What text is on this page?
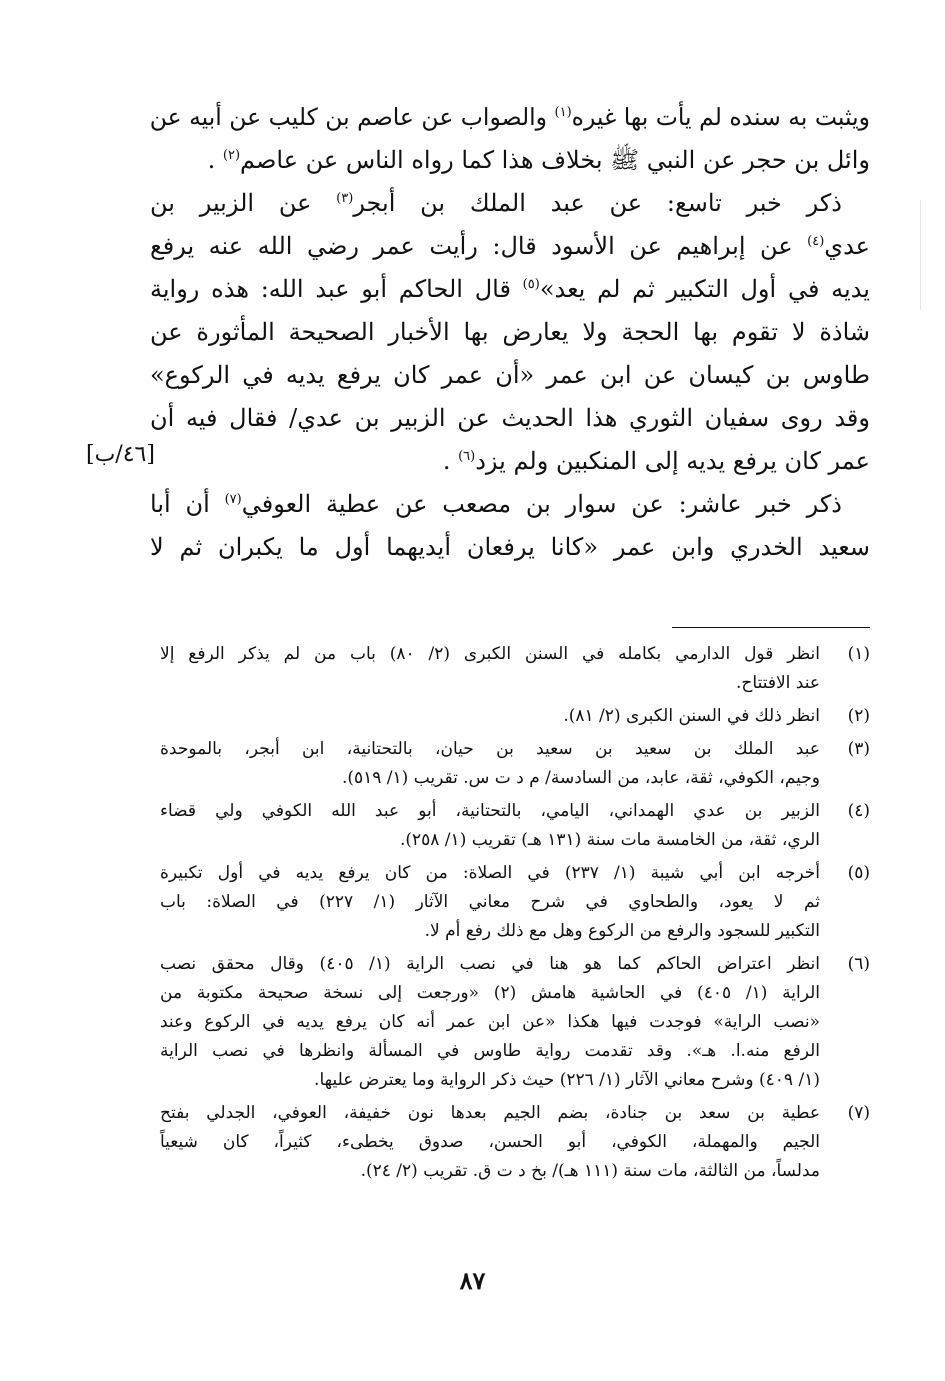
ويثبت به سنده لم يأت بها غيره$^{(١)}$ والصواب عن عاصم بن كليب عن أبيه عن
وائل بن حجر عن النبي ﷺ بخلاف هذا كما رواه الناس عن عاصم$^{(٢)}$ .
ذكر خبر تاسع: عن عبد الملك بن أبجر$^{(٣)}$ عن الزبير بن
عدي$^{(٤)}$ عن إبراهيم عن الأسود قال: رأيت عمر رضي الله عنه يرفع
يديه في أول التكبير ثم لم يعد»$^{(٥)}$ قال الحاكم أبو عبد الله: هذه رواية
شاذة لا تقوم بها الحجة ولا يعارض بها الأخبار الصحيحة المأثورة عن
طاوس بن كيسان عن ابن عمر «أن عمر كان يرفع يديه في الركوع»
وقد روى سفيان الثوري هذا الحديث عن الزبير بن عدي/ فقال فيه أن
عمر كان يرفع يديه إلى المنكبين ولم يزد$^{(٦)}$ .
ذكر خبر عاشر: عن سوار بن مصعب عن عطية العوفي$^{(٧)}$ أن أبا
سعيد الخدري وابن عمر «كانا يرفعان أيديهما أول ما يكبران ثم لا
[٤٦/ب]
(١)
انظر قول الدارمي بكامله في السنن الكبرى (٢/ ٨٠) باب من لم يذكر الرفع إلا
عند الافتتاح.
(٢)
انظر ذلك في السنن الكبرى (٢/ ٨١).
(٣)
عبد الملك بن سعيد بن سعيد بن حيان، بالتحتانية، ابن أبجر، بالموحدة
وجيم، الكوفي، ثقة، عابد، من السادسة/ م د ت س. تقريب (١/ ٥١٩).
(٤)
الزبير بن عدي الهمداني، اليامي، بالتحتانية، أبو عبد الله الكوفي ولي قضاء
الري، ثقة، من الخامسة مات سنة (١٣١ هـ) تقريب (١/ ٢٥٨).
(٥)
أخرجه ابن أبي شيبة (١/ ٢٣٧) في الصلاة: من كان يرفع يديه في أول تكبيرة
ثم لا يعود، والطحاوي في شرح معاني الآثار (١/ ٢٢٧) في الصلاة: باب
التكبير للسجود والرفع من الركوع وهل مع ذلك رفع أم لا.
(٦)
انظر اعتراض الحاكم كما هو هنا في نصب الراية (١/ ٤٠٥) وقال محقق نصب
الراية (١/ ٤٠٥) في الحاشية هامش (٢) «ورجعت إلى نسخة صحيحة مكتوبة من
«نصب الراية» فوجدت فيها هكذا «عن ابن عمر أنه كان يرفع يديه في الركوع وعند
الرفع منه.ا. هـ». وقد تقدمت رواية طاوس في المسألة وانظرها في نصب الراية
(١/ ٤٠٩) وشرح معاني الآثار (١/ ٢٢٦) حيث ذكر الرواية وما يعترض عليها.
(٧)
عطية بن سعد بن جنادة، بضم الجيم بعدها نون خفيفة، العوفي، الجدلي بفتح
الجيم والمهملة، الكوفي، أبو الحسن، صدوق يخطىء، كثيراً، كان شيعياً
مدلساً، من الثالثة، مات سنة (١١١ هـ)/ بخ د ت ق. تقريب (٢/ ٢٤).
٨٧
